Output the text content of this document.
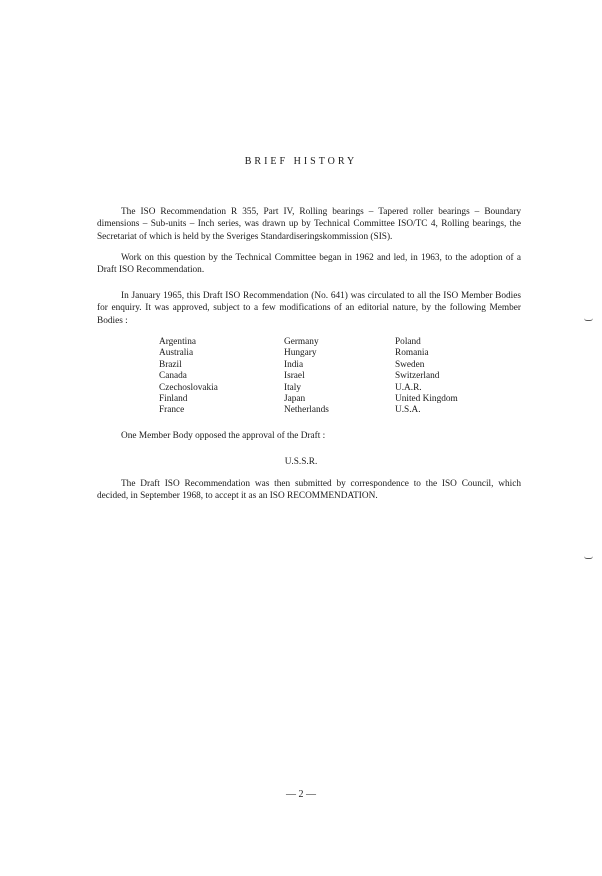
BRIEF HISTORY

The ISO Recommendation R 355, Part IV, Rolling bearings – Tapered roller bearings – Boundary dimensions – Sub-units – Inch series, was drawn up by Technical Committee ISO/TC 4, Rolling bearings, the Secretariat of which is held by the Sveriges Standardiseringskommission (SIS).

Work on this question by the Technical Committee began in 1962 and led, in 1963, to the adoption of a Draft ISO Recommendation.

In January 1965, this Draft ISO Recommendation (No. 641) was circulated to all the ISO Member Bodies for enquiry. It was approved, subject to a few modifications of an editorial nature, by the following Member Bodies :

Argentina
Australia
Brazil
Canada
Czechoslovakia
Finland
France
Germany
Hungary
India
Israel
Italy
Japan
Netherlands
Poland
Romania
Sweden
Switzerland
U.A.R.
United Kingdom
U.S.A.

One Member Body opposed the approval of the Draft :

U.S.S.R.

The Draft ISO Recommendation was then submitted by correspondence to the ISO Council, which decided, in September 1968, to accept it as an ISO RECOMMENDATION.

— 2 —
